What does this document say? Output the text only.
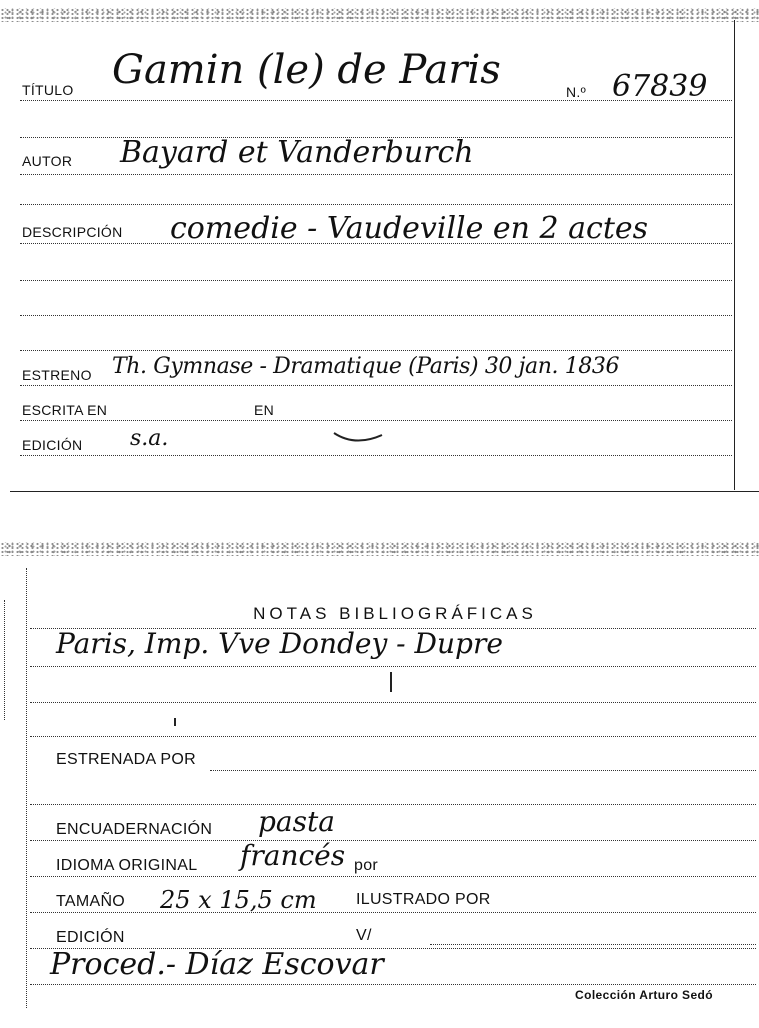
TÍTULO Gamin (le) de Paris	N.º 67839
AUTOR Bayard et Vanderburch
DESCRIPCIÓN comedie - Vaudeville en 2 actes
ESTRENO Th. Gymnase - Dramatique (Paris) 30 jan. 1836
ESCRITA EN	EN
EDICIÓN s.a.
NOTAS BIBLIOGRÁFICAS
Paris, Imp. Vve Dondey - Dupre
ESTRENADA POR
ENCUADERNACIÓN pasta
IDIOMA ORIGINAL francés por
TAMAÑO 25 x 15,5 cm ILUSTRADO POR
EDICIÓN	V/
Proced.- Díaz Escovar
Colección Arturo Sedó
